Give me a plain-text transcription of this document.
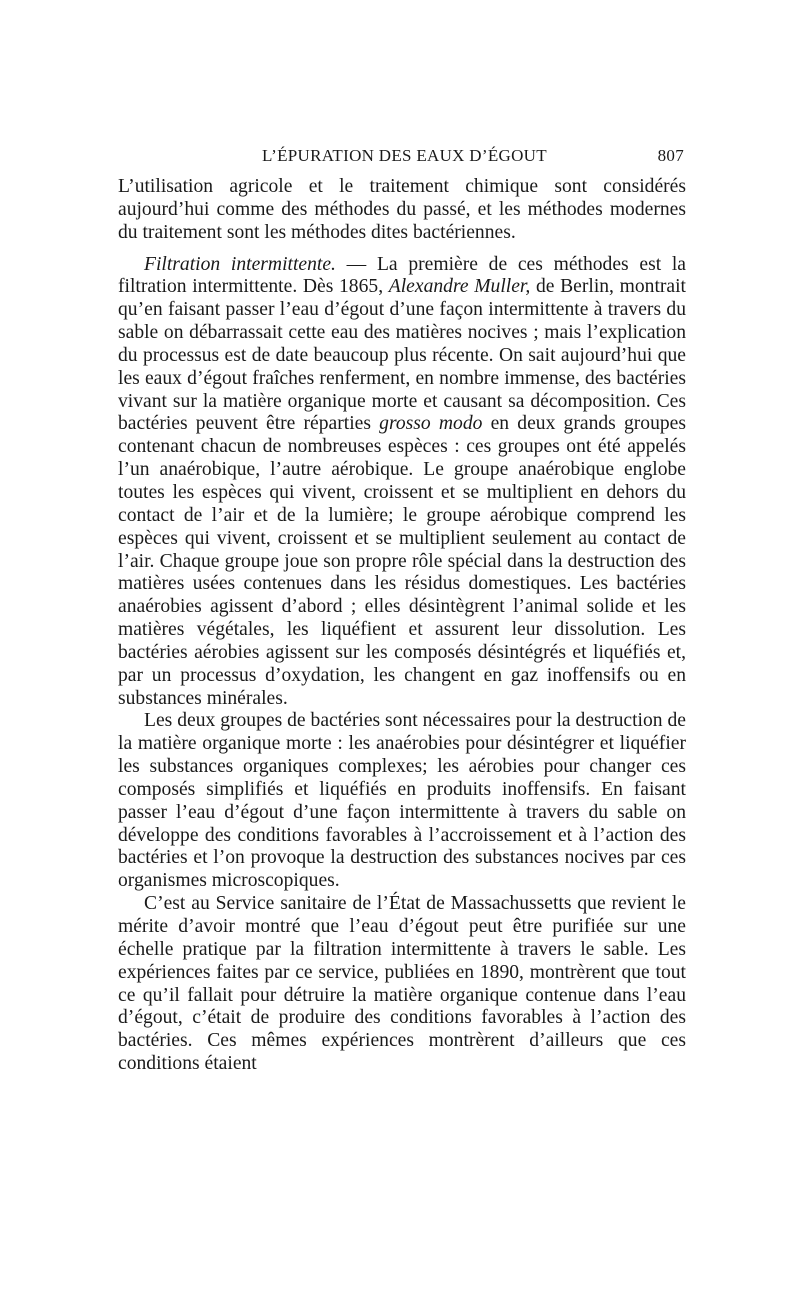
L’ÉPURATION DES EAUX D’ÉGOUT	807

L’utilisation agricole et le traitement chimique sont considérés aujourd’hui comme des méthodes du passé, et les méthodes modernes du traitement sont les méthodes dites bactériennes.

Filtration intermittente. — La première de ces méthodes est la filtration intermittente. Dès 1865, Alexandre Muller, de Berlin, montrait qu’en faisant passer l’eau d’égout d’une façon intermittente à travers du sable on débarrassait cette eau des matières nocives ; mais l’explication du processus est de date beaucoup plus récente. On sait aujourd’hui que les eaux d’égout fraîches renferment, en nombre immense, des bactéries vivant sur la matière organique morte et causant sa décomposition. Ces bactéries peuvent être réparties grosso modo en deux grands groupes contenant chacun de nombreuses espèces : ces groupes ont été appelés l’un anaérobique, l’autre aérobique. Le groupe anaérobique englobe toutes les espèces qui vivent, croissent et se multiplient en dehors du contact de l’air et de la lumière; le groupe aérobique comprend les espèces qui vivent, croissent et se multiplient seulement au contact de l’air. Chaque groupe joue son propre rôle spécial dans la destruction des matières usées contenues dans les résidus domestiques. Les bactéries anaérobies agissent d’abord ; elles désintègrent l’animal solide et les matières végétales, les liquéfient et assurent leur dissolution. Les bactéries aérobies agissent sur les composés désintégrés et liquéfiés et, par un processus d’oxydation, les changent en gaz inoffensifs ou en substances minérales.

Les deux groupes de bactéries sont nécessaires pour la destruction de la matière organique morte : les anaérobies pour désintégrer et liquéfier les substances organiques complexes; les aérobies pour changer ces composés simplifiés et liquéfiés en produits inoffensifs. En faisant passer l’eau d’égout d’une façon intermittente à travers du sable on développe des conditions favorables à l’accroissement et à l’action des bactéries et l’on provoque la destruction des substances nocives par ces organismes microscopiques.

C’est au Service sanitaire de l’État de Massachussetts que revient le mérite d’avoir montré que l’eau d’égout peut être purifiée sur une échelle pratique par la filtration intermittente à travers le sable. Les expériences faites par ce service, publiées en 1890, montrèrent que tout ce qu’il fallait pour détruire la matière organique contenue dans l’eau d’égout, c’était de produire des conditions favorables à l’action des bactéries. Ces mêmes expériences montrèrent d’ailleurs que ces conditions étaient
